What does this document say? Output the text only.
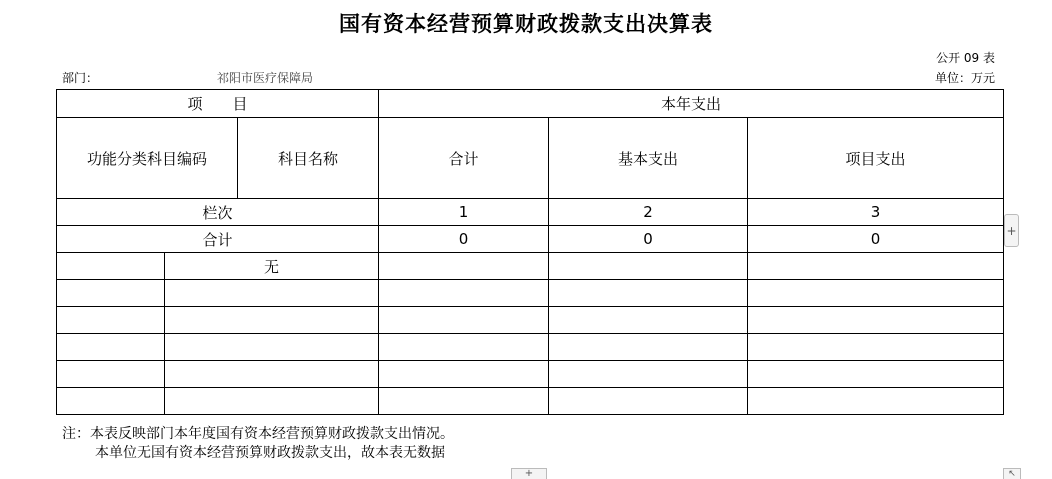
国有资本经营预算财政拨款支出决算表
公开 09 表
部门：	祁阳市医疗保障局	单位：万元
项　　目			本年支出		
功能分类科目编码		科目名称	合计	基本支出	项目支出
栏次			1	2	3
合计			0	0	0
	无				

注：本表反映部门本年度国有资本经营预算财政拨款支出情况。
本单位无国有资本经营预算财政拨款支出，故本表无数据
+
+	↖
